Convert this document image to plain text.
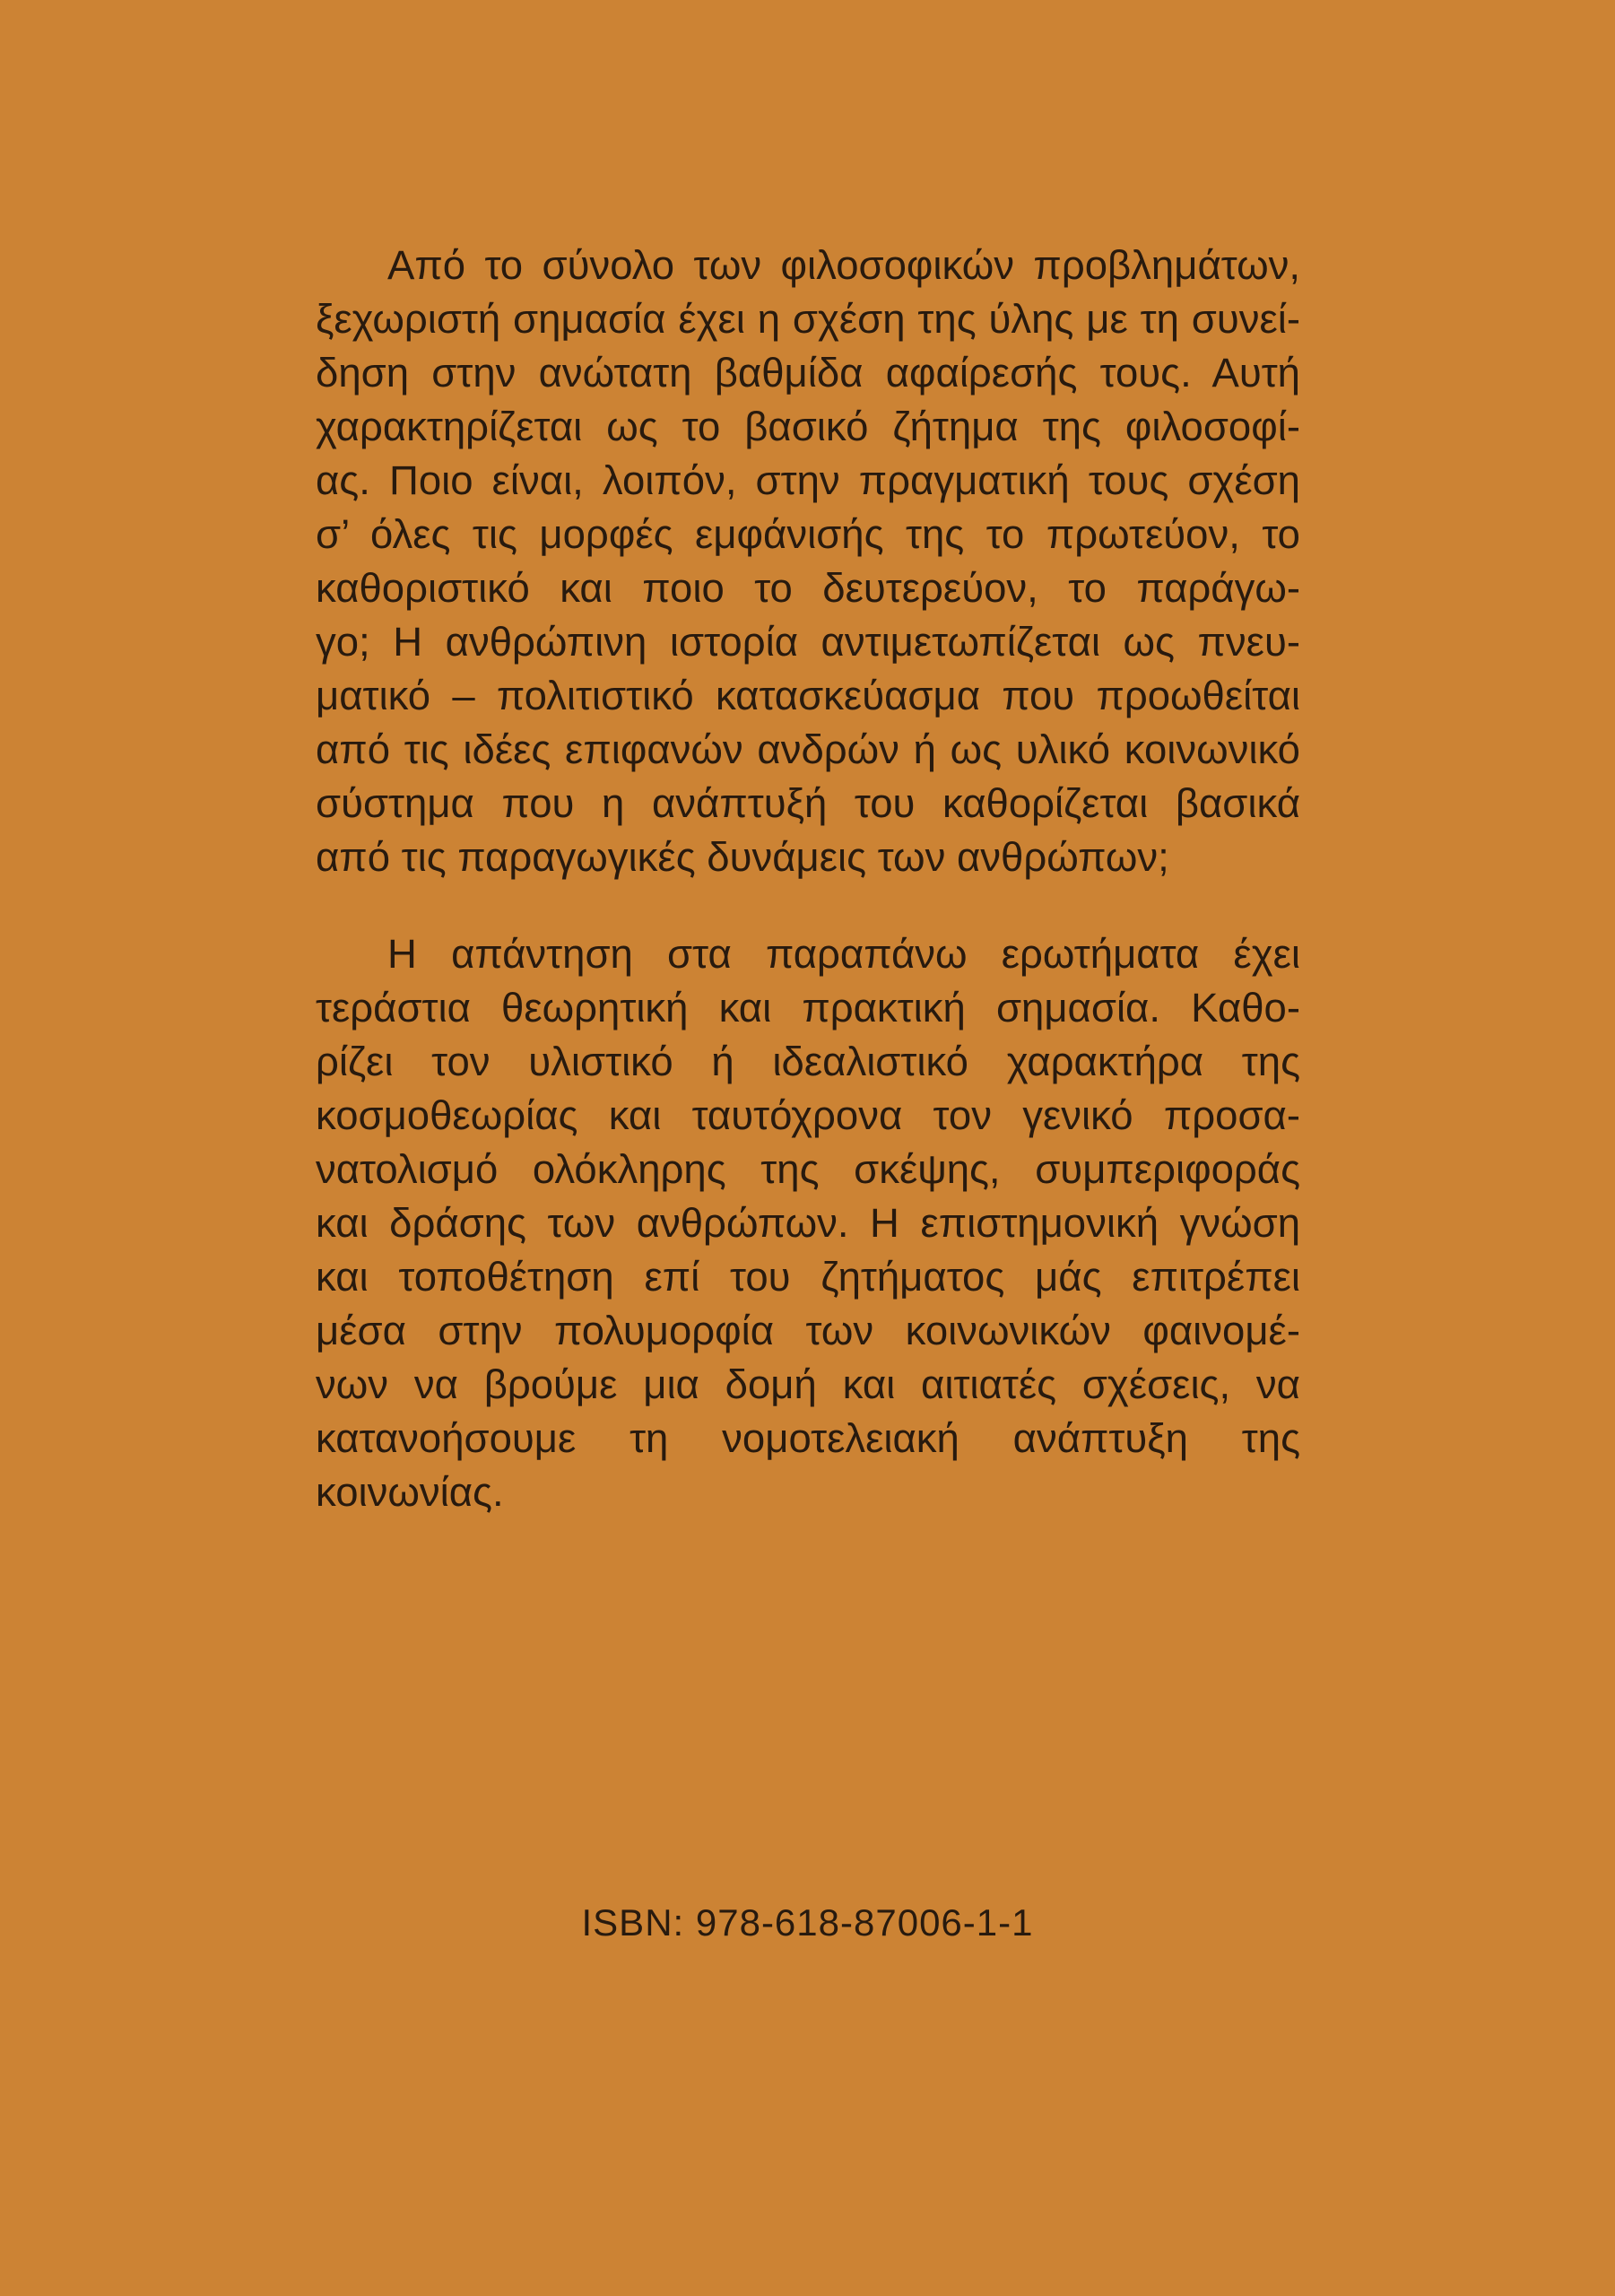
Από το σύνολο των φιλοσοφικών προβλημάτων,
ξεχωριστή σημασία έχει η σχέση της ύλης με τη συνεί-
δηση στην ανώτατη βαθμίδα αφαίρεσής τους. Αυτή
χαρακτηρίζεται ως το βασικό ζήτημα της φιλοσοφί-
ας. Ποιο είναι, λοιπόν, στην πραγματική τους σχέση
σ’ όλες τις μορφές εμφάνισής της το πρωτεύον, το
καθοριστικό και ποιο το δευτερεύον, το παράγω-
γο; Η ανθρώπινη ιστορία αντιμετωπίζεται ως πνευ-
ματικό – πολιτιστικό κατασκεύασμα που προωθείται
από τις ιδέες επιφανών ανδρών ή ως υλικό κοινωνικό
σύστημα που η ανάπτυξή του καθορίζεται βασικά
από τις παραγωγικές δυνάμεις των ανθρώπων;
Η απάντηση στα παραπάνω ερωτήματα έχει
τεράστια θεωρητική και πρακτική σημασία. Καθο-
ρίζει τον υλιστικό ή ιδεαλιστικό χαρακτήρα της
κοσμοθεωρίας και ταυτόχρονα τον γενικό προσα-
νατολισμό ολόκληρης της σκέψης, συμπεριφοράς
και δράσης των ανθρώπων. Η επιστημονική γνώση
και τοποθέτηση επί του ζητήματος μάς επιτρέπει
μέσα στην πολυμορφία των κοινωνικών φαινομέ-
νων να βρούμε μια δομή και αιτιατές σχέσεις, να
κατανοήσουμε τη νομοτελειακή ανάπτυξη της
κοινωνίας.
ISBN: 978-618-87006-1-1
